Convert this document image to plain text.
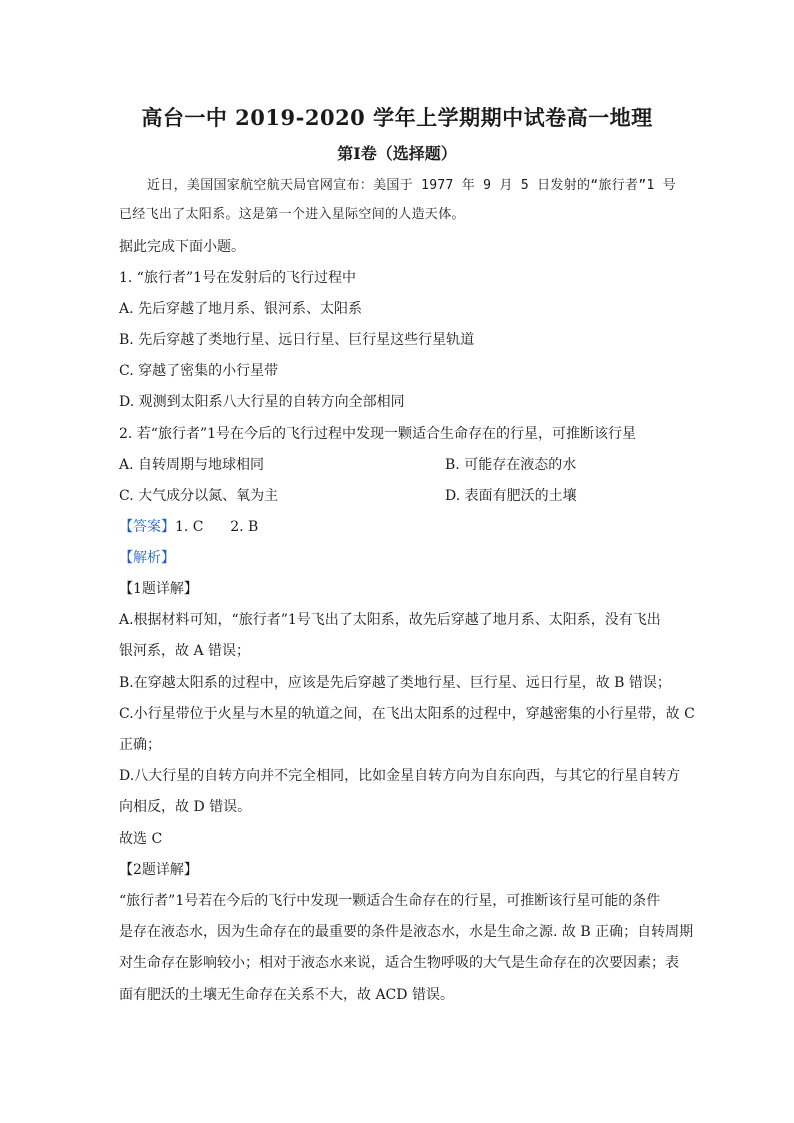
高台一中 2019-2020 学年上学期期中试卷高一地理
第Ⅰ卷（选择题）
近日，美国国家航空航天局官网宣布：美国于 1977 年 9 月 5 日发射的“旅行者”1 号
已经飞出了太阳系。这是第一个进入星际空间的人造天体。
据此完成下面小题。
1. “旅行者”1号在发射后的飞行过程中
A. 先后穿越了地月系、银河系、太阳系
B. 先后穿越了类地行星、远日行星、巨行星这些行星轨道
C. 穿越了密集的小行星带
D. 观测到太阳系八大行星的自转方向全部相同
2. 若“旅行者”1号在今后的飞行过程中发现一颗适合生命存在的行星，可推断该行星
A. 自转周期与地球相同	B. 可能存在液态的水
C. 大气成分以氮、氧为主	D. 表面有肥沃的土壤
【答案】1. C      2. B
【解析】
【1题详解】
A.根据材料可知，“旅行者”1号飞出了太阳系，故先后穿越了地月系、太阳系，没有飞出
银河系，故 A 错误；
B.在穿越太阳系的过程中，应该是先后穿越了类地行星、巨行星、远日行星，故 B 错误；
C.小行星带位于火星与木星的轨道之间，在飞出太阳系的过程中，穿越密集的小行星带，故 C
正确；
D.八大行星的自转方向并不完全相同，比如金星自转方向为自东向西，与其它的行星自转方
向相反，故 D 错误。
故选 C
【2题详解】
“旅行者”1号若在今后的飞行中发现一颗适合生命存在的行星，可推断该行星可能的条件
是存在液态水，因为生命存在的最重要的条件是液态水，水是生命之源. 故 B 正确；自转周期
对生命存在影响较小；相对于液态水来说，适合生物呼吸的大气是生命存在的次要因素；表
面有肥沃的土壤无生命存在关系不大，故 ACD 错误。
